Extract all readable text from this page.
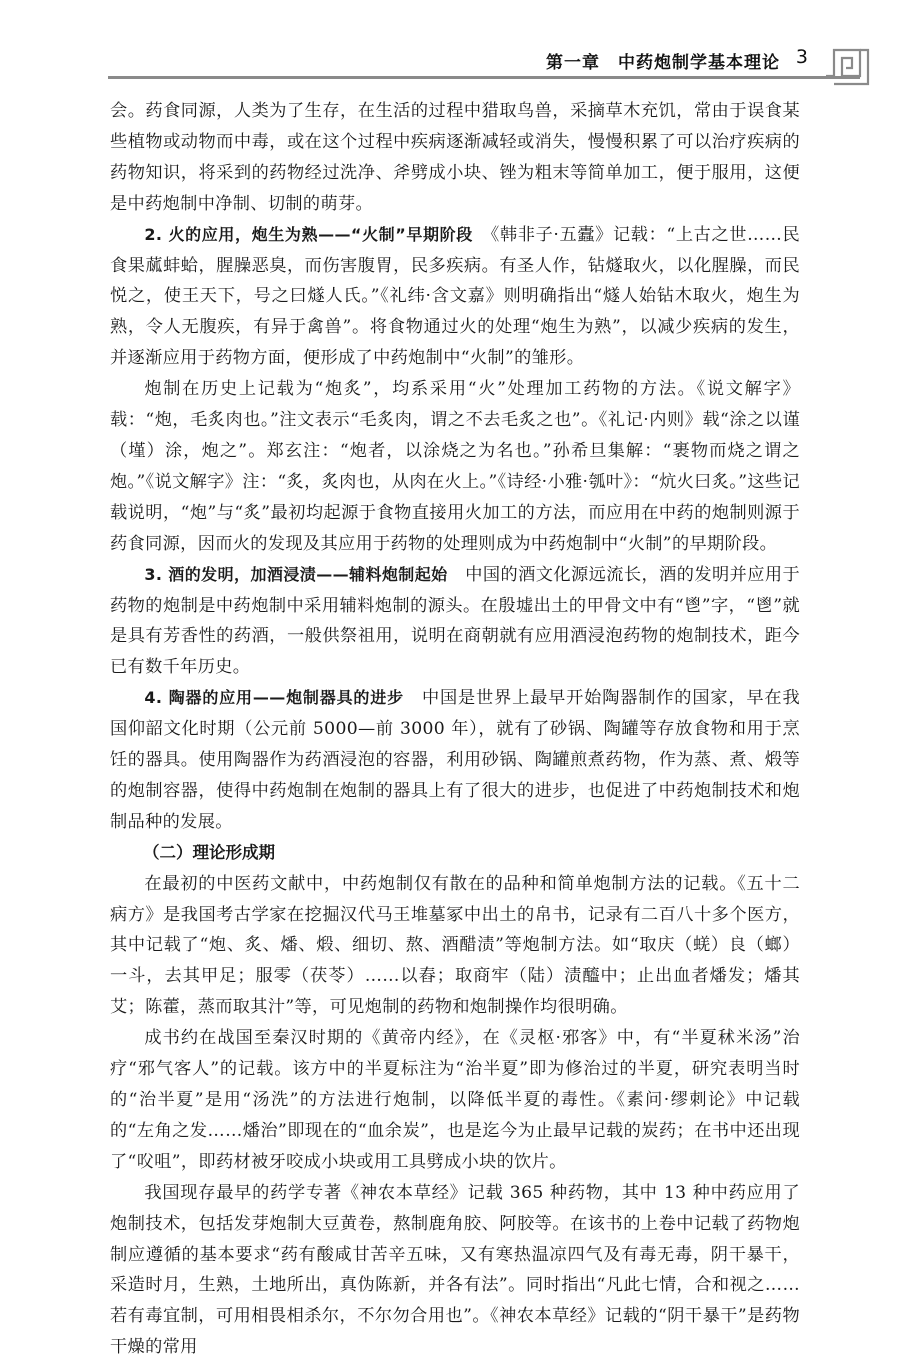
第一章　中药炮制学基本理论 3

会。药食同源，人类为了生存，在生活的过程中猎取鸟兽，采摘草木充饥，常由于误食某些植物或动物而中毒，或在这个过程中疾病逐渐减轻或消失，慢慢积累了可以治疗疾病的药物知识，将采到的药物经过洗净、斧劈成小块、锉为粗末等简单加工，便于服用，这便是中药炮制中净制、切制的萌芽。

2. 火的应用，炮生为熟——“火制”早期阶段　 《韩非子·五蠹》记载：“上古之世……民食果蓏蚌蛤，腥臊恶臭，而伤害腹胃，民多疾病。有圣人作，钻燧取火，以化腥臊，而民悦之，使王天下，号之曰燧人氏。”《礼纬·含文嘉》则明确指出“燧人始钻木取火，炮生为熟，令人无腹疾，有异于禽兽”。将食物通过火的处理“炮生为熟”，以减少疾病的发生，并逐渐应用于药物方面，便形成了中药炮制中“火制”的雏形。

炮制在历史上记载为“炮炙”，均系采用“火”处理加工药物的方法。《说文解字》载：“炮，毛炙肉也。”注文表示“毛炙肉，谓之不去毛炙之也”。《礼记·内则》载“涂之以谨（墐）涂，炮之”。郑玄注：“炮者，以涂烧之为名也。”孙希旦集解：“裹物而烧之谓之炮。”《说文解字》注：“炙，炙肉也，从肉在火上。”《诗经·小雅·瓠叶》：“炕火曰炙。”这些记载说明，“炮”与“炙”最初均起源于食物直接用火加工的方法，而应用在中药的炮制则源于药食同源，因而火的发现及其应用于药物的处理则成为中药炮制中“火制”的早期阶段。

3. 酒的发明，加酒浸渍——辅料炮制起始　 中国的酒文化源远流长，酒的发明并应用于药物的炮制是中药炮制中采用辅料炮制的源头。在殷墟出土的甲骨文中有“鬯”字，“鬯”就是具有芳香性的药酒，一般供祭祖用，说明在商朝就有应用酒浸泡药物的炮制技术，距今已有数千年历史。

4. 陶器的应用——炮制器具的进步　 中国是世界上最早开始陶器制作的国家，早在我国仰韶文化时期（公元前 5000—前 3000 年），就有了砂锅、陶罐等存放食物和用于烹饪的器具。使用陶器作为药酒浸泡的容器，利用砂锅、陶罐煎煮药物，作为蒸、煮、煅等的炮制容器，使得中药炮制在炮制的器具上有了很大的进步，也促进了中药炮制技术和炮制品种的发展。

（二）理论形成期

在最初的中医药文献中，中药炮制仅有散在的品种和简单炮制方法的记载。《五十二病方》是我国考古学家在挖掘汉代马王堆墓冢中出土的帛书，记录有二百八十多个医方，其中记载了“炮、炙、燔、煅、细切、熬、酒醋渍”等炮制方法。如“取庆（蜣）良（螂）一斗，去其甲足；服零（茯苓）……以舂；取商牢（陆）渍醯中；止出血者燔发；燔其艾；陈藿，蒸而取其汁”等，可见炮制的药物和炮制操作均很明确。

成书约在战国至秦汉时期的《黄帝内经》，在《灵枢·邪客》中，有“半夏秫米汤”治疗“邪气客人”的记载。该方中的半夏标注为“治半夏”即为修治过的半夏，研究表明当时的“治半夏”是用“汤洗”的方法进行炮制，以降低半夏的毒性。《素问·缪刺论》中记载的“左角之发……燔治”即现在的“血余炭”，也是迄今为止最早记载的炭药；在书中还出现了“㕮咀”，即药材被牙咬成小块或用工具劈成小块的饮片。

我国现存最早的药学专著《神农本草经》记载 365 种药物，其中 13 种中药应用了炮制技术，包括发芽炮制大豆黄卷，熬制鹿角胶、阿胶等。在该书的上卷中记载了药物炮制应遵循的基本要求“药有酸咸甘苦辛五味，又有寒热温凉四气及有毒无毒，阴干暴干，采造时月，生熟，土地所出，真伪陈新，并各有法”。同时指出“凡此七情，合和视之……若有毒宜制，可用相畏相杀尔，不尔勿合用也”。《神农本草经》记载的“阴干暴干”是药物干燥的常用
